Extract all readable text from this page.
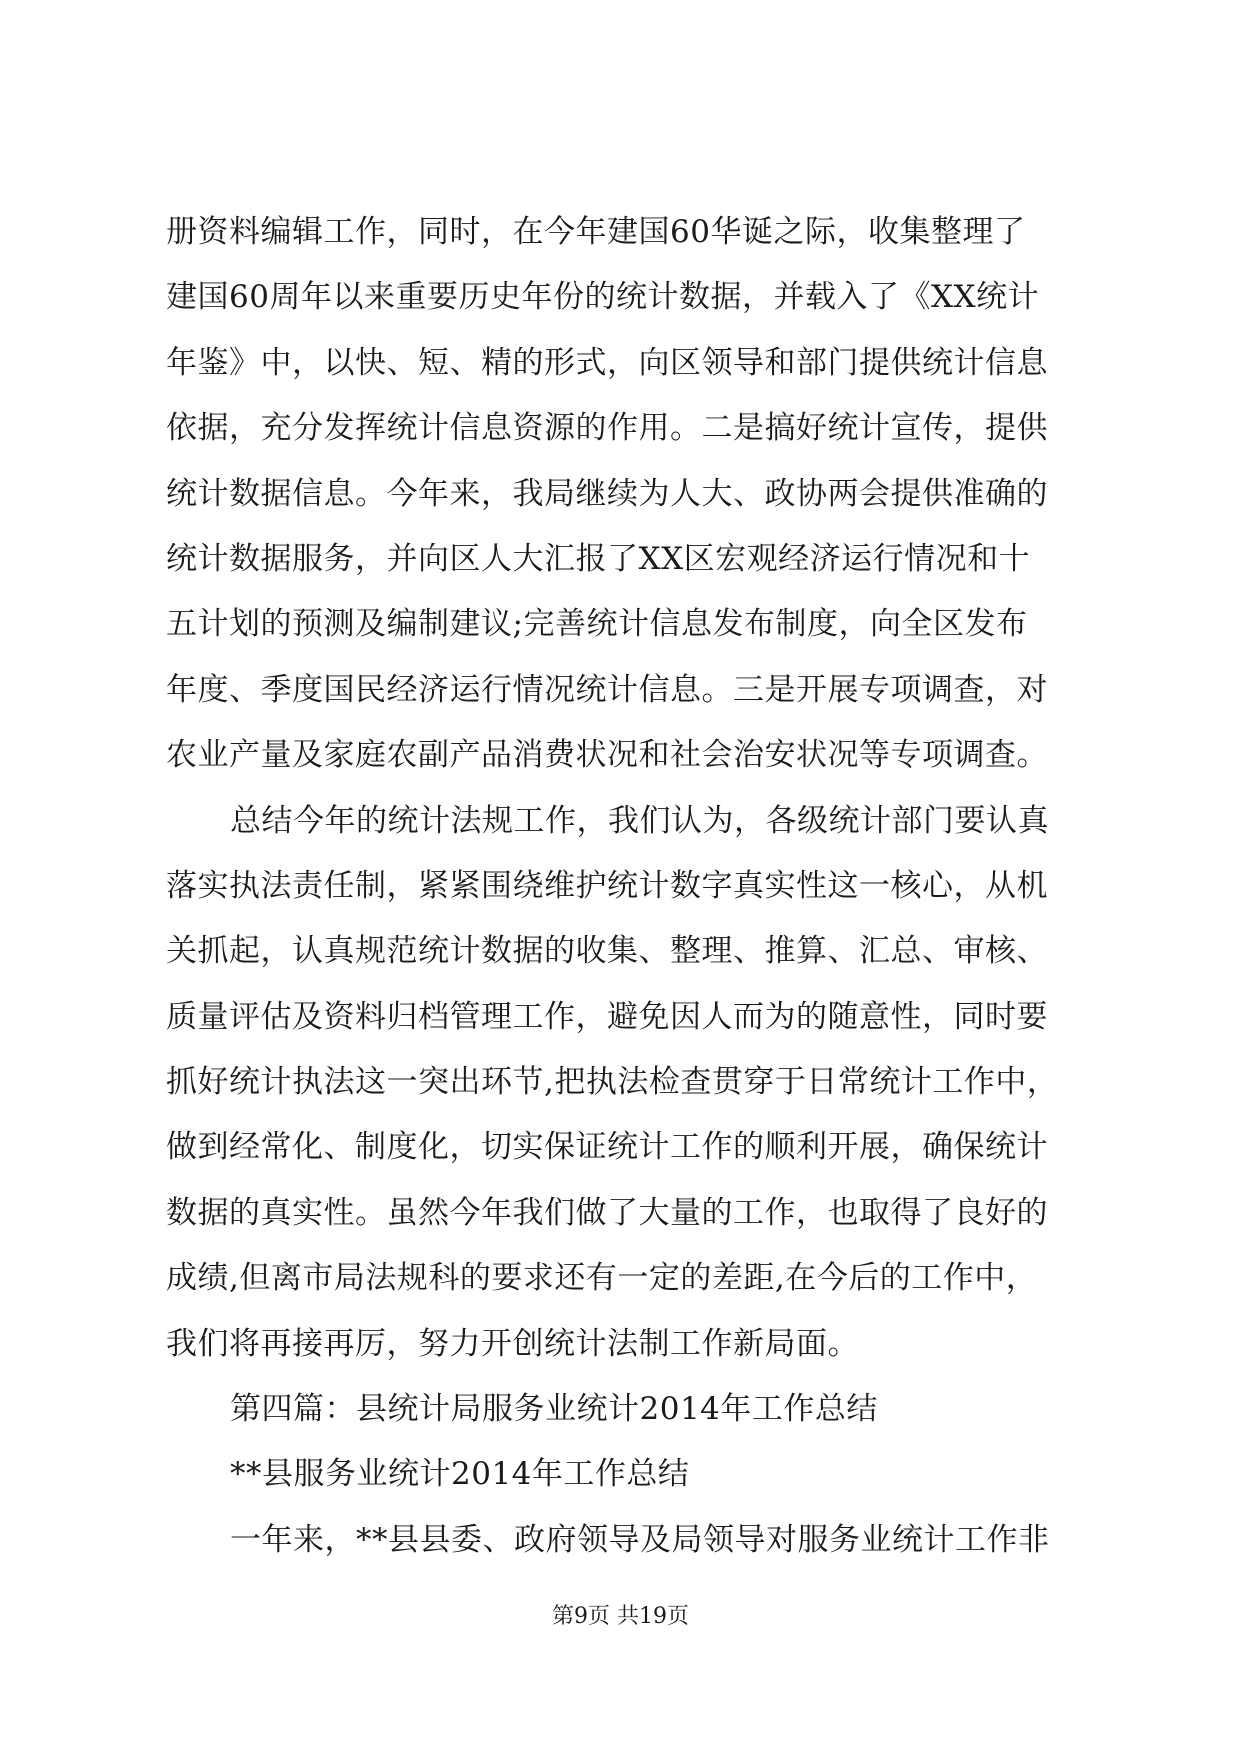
册资料编辑工作，同时，在今年建国60华诞之际，收集整理了
建国60周年以来重要历史年份的统计数据，并载入了《XX统计
年鉴》中，以快、短、精的形式，向区领导和部门提供统计信息
依据，充分发挥统计信息资源的作用。二是搞好统计宣传，提供
统计数据信息。今年来，我局继续为人大、政协两会提供准确的
统计数据服务，并向区人大汇报了XX区宏观经济运行情况和十
五计划的预测及编制建议;完善统计信息发布制度，向全区发布
年度、季度国民经济运行情况统计信息。三是开展专项调查，对
农业产量及家庭农副产品消费状况和社会治安状况等专项调查。
总结今年的统计法规工作，我们认为，各级统计部门要认真
落实执法责任制，紧紧围绕维护统计数字真实性这一核心，从机
关抓起，认真规范统计数据的收集、整理、推算、汇总、审核、
质量评估及资料归档管理工作，避免因人而为的随意性，同时要
抓好统计执法这一突出环节,把执法检查贯穿于日常统计工作中，
做到经常化、制度化，切实保证统计工作的顺利开展，确保统计
数据的真实性。虽然今年我们做了大量的工作，也取得了良好的
成绩,但离市局法规科的要求还有一定的差距,在今后的工作中，
我们将再接再厉，努力开创统计法制工作新局面。
第四篇：县统计局服务业统计2014年工作总结
**县服务业统计2014年工作总结
一年来，**县县委、政府领导及局领导对服务业统计工作非
第9页 共19页
